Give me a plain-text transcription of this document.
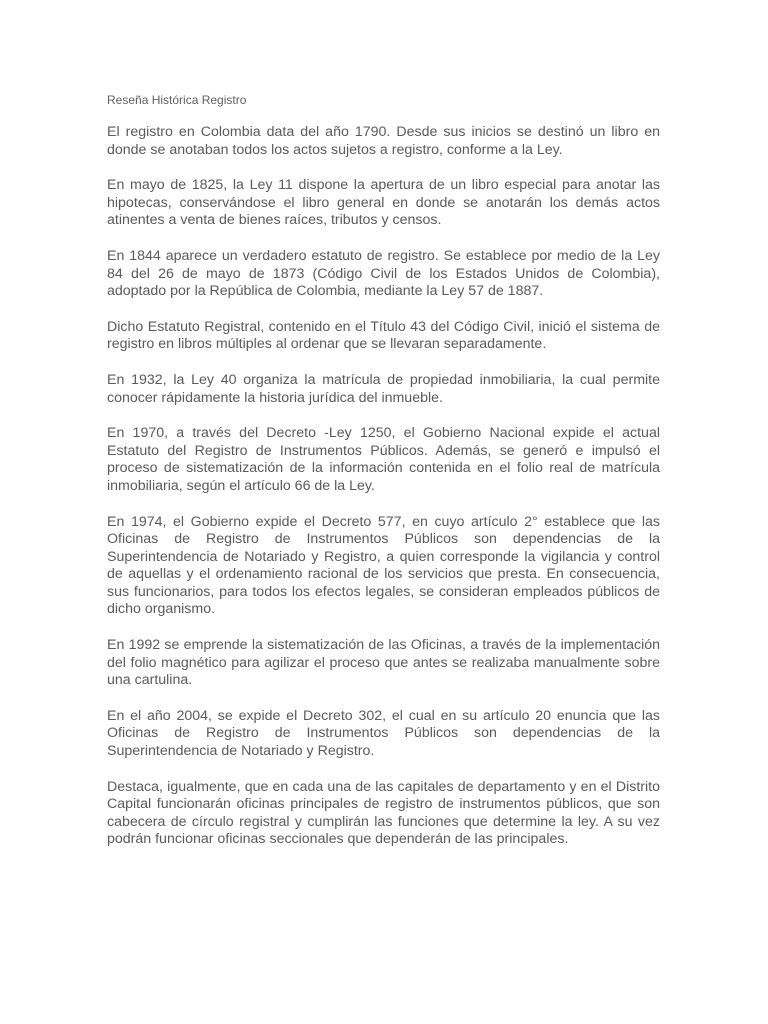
Reseña Histórica Registro

El registro en Colombia data del año 1790. Desde sus inicios se destinó un libro en donde se anotaban todos los actos sujetos a registro, conforme a la Ley.

En mayo de 1825, la Ley 11 dispone la apertura de un libro especial para anotar las hipotecas, conservándose el libro general en donde se anotarán los demás actos atinentes a venta de bienes raíces, tributos y censos.

En 1844 aparece un verdadero estatuto de registro. Se establece por medio de la Ley 84 del 26 de mayo de 1873 (Código Civil de los Estados Unidos de Colombia), adoptado por la República de Colombia, mediante la Ley 57 de 1887.

Dicho Estatuto Registral, contenido en el Título 43 del Código Civil, inició el sistema de registro en libros múltiples al ordenar que se llevaran separadamente.

En 1932, la Ley 40 organiza la matrícula de propiedad inmobiliaria, la cual permite conocer rápidamente la historia jurídica del inmueble.

En 1970, a través del Decreto -Ley 1250, el Gobierno Nacional expide el actual Estatuto del Registro de Instrumentos Públicos. Además, se generó e impulsó el proceso de sistematización de la información contenida en el folio real de matrícula inmobiliaria, según el artículo 66 de la Ley.

En 1974, el Gobierno expide el Decreto 577, en cuyo artículo 2° establece que las Oficinas de Registro de Instrumentos Públicos son dependencias de la Superintendencia de Notariado y Registro, a quien corresponde la vigilancia y control de aquellas y el ordenamiento racional de los servicios que presta. En consecuencia, sus funcionarios, para todos los efectos legales, se consideran empleados públicos de dicho organismo.

En 1992 se emprende la sistematización de las Oficinas, a través de la implementación del folio magnético para agilizar el proceso que antes se realizaba manualmente sobre una cartulina.

En el año 2004, se expide el Decreto 302, el cual en su artículo 20 enuncia que las Oficinas de Registro de Instrumentos Públicos son dependencias de la Superintendencia de Notariado y Registro.

Destaca, igualmente, que en cada una de las capitales de departamento y en el Distrito Capital funcionarán oficinas principales de registro de instrumentos públicos, que son cabecera de círculo registral y cumplirán las funciones que determine la ley. A su vez podrán funcionar oficinas seccionales que dependerán de las principales.
